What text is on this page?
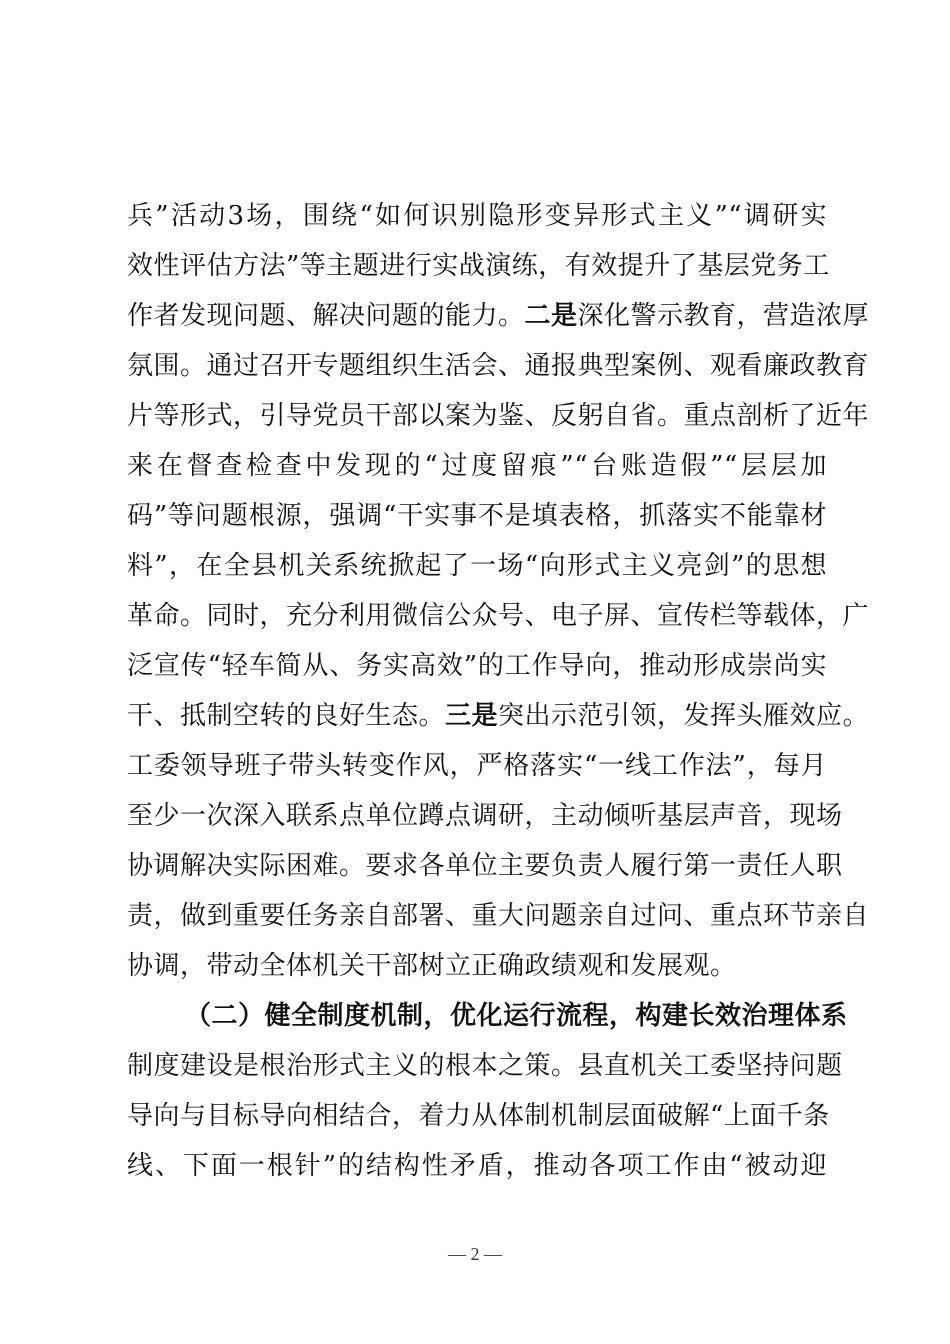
兵”活动3场，围绕“如何识别隐形变异形式主义”“调研实
效性评估方法”等主题进行实战演练，有效提升了基层党务工
作者发现问题、解决问题的能力。二是深化警示教育，营造浓厚
氛围。通过召开专题组织生活会、通报典型案例、观看廉政教育
片等形式，引导党员干部以案为鉴、反躬自省。重点剖析了近年
来在督查检查中发现的“过度留痕”“台账造假”“层层加
码”等问题根源，强调“干实事不是填表格，抓落实不能靠材
料”，在全县机关系统掀起了一场“向形式主义亮剑”的思想
革命。同时，充分利用微信公众号、电子屏、宣传栏等载体，广
泛宣传“轻车简从、务实高效”的工作导向，推动形成崇尚实
干、抵制空转的良好生态。三是突出示范引领，发挥头雁效应。
工委领导班子带头转变作风，严格落实“一线工作法”，每月
至少一次深入联系点单位蹲点调研，主动倾听基层声音，现场
协调解决实际困难。要求各单位主要负责人履行第一责任人职
责，做到重要任务亲自部署、重大问题亲自过问、重点环节亲自
协调，带动全体机关干部树立正确政绩观和发展观。
（二）健全制度机制，优化运行流程，构建长效治理体系
制度建设是根治形式主义的根本之策。县直机关工委坚持问题
导向与目标导向相结合，着力从体制机制层面破解“上面千条
线、下面一根针”的结构性矛盾，推动各项工作由“被动迎
— 2 —
